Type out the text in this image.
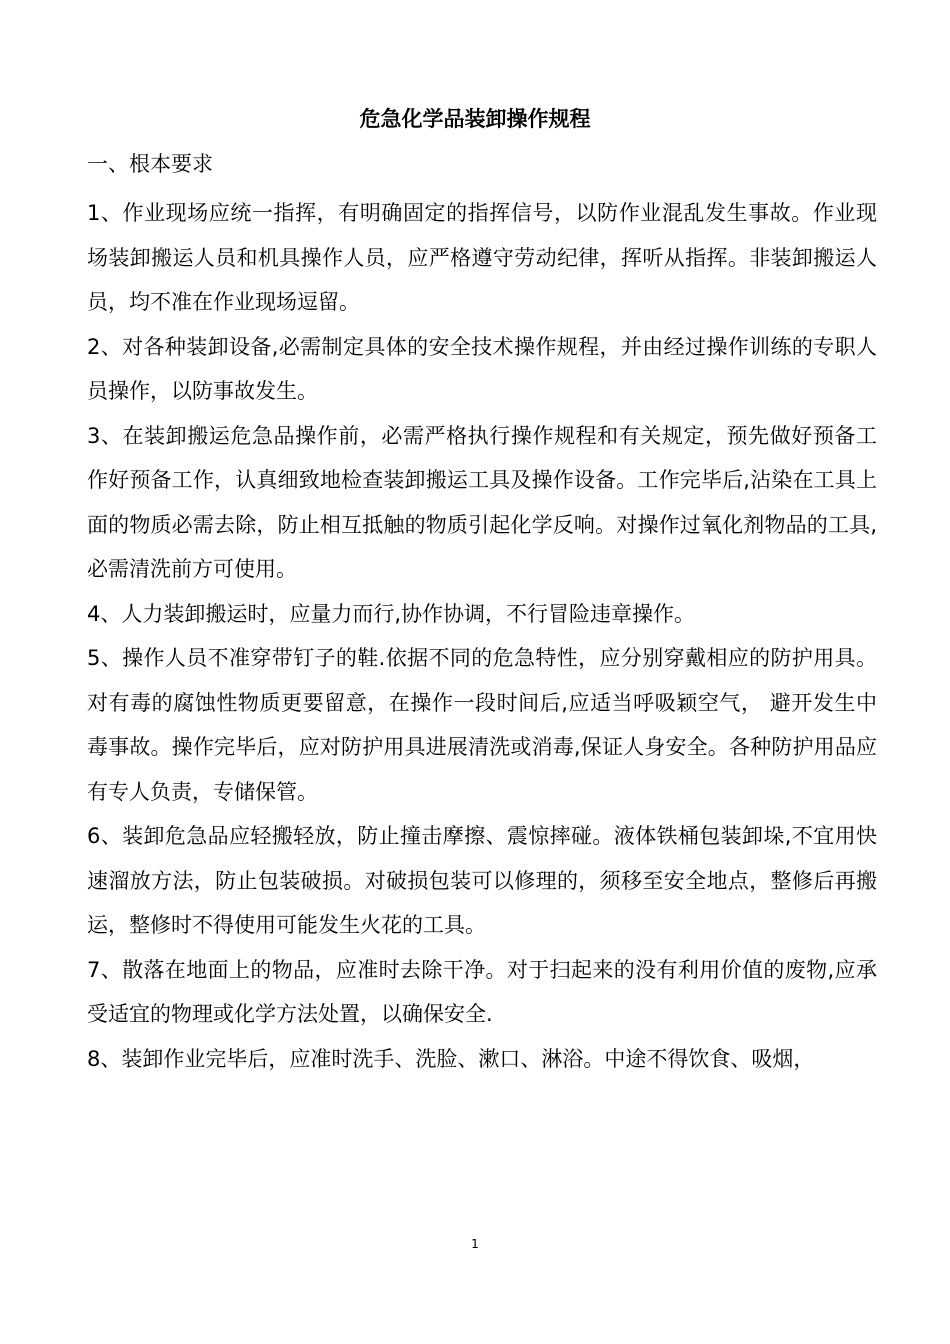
危急化学品装卸操作规程

一、根本要求

1、作业现场应统一指挥，有明确固定的指挥信号，以防作业混乱发生事故。作业现场装卸搬运人员和机具操作人员，应严格遵守劳动纪律，挥听从指挥。非装卸搬运人员，均不准在作业现场逗留。

2、对各种装卸设备,必需制定具体的安全技术操作规程，并由经过操作训练的专职人员操作，以防事故发生。

3、在装卸搬运危急品操作前，必需严格执行操作规程和有关规定，预先做好预备工作好预备工作，认真细致地检查装卸搬运工具及操作设备。工作完毕后,沾染在工具上面的物质必需去除，防止相互抵触的物质引起化学反响。对操作过氧化剂物品的工具,必需清洗前方可使用。

4、人力装卸搬运时，应量力而行,协作协调，不行冒险违章操作。

5、操作人员不准穿带钉子的鞋.依据不同的危急特性，应分别穿戴相应的防护用具。对有毒的腐蚀性物质更要留意，在操作一段时间后,应适当呼吸颖空气， 避开发生中毒事故。操作完毕后，应对防护用具进展清洗或消毒,保证人身安全。各种防护用品应有专人负责，专储保管。

6、装卸危急品应轻搬轻放，防止撞击摩擦、震惊摔碰。液体铁桶包装卸垛,不宜用快速溜放方法，防止包装破损。对破损包装可以修理的，须移至安全地点，整修后再搬运，整修时不得使用可能发生火花的工具。

7、散落在地面上的物品，应准时去除干净。对于扫起来的没有利用价值的废物,应承受适宜的物理或化学方法处置，以确保安全.

8、装卸作业完毕后，应准时洗手、洗脸、漱口、淋浴。中途不得饮食、吸烟，

1
